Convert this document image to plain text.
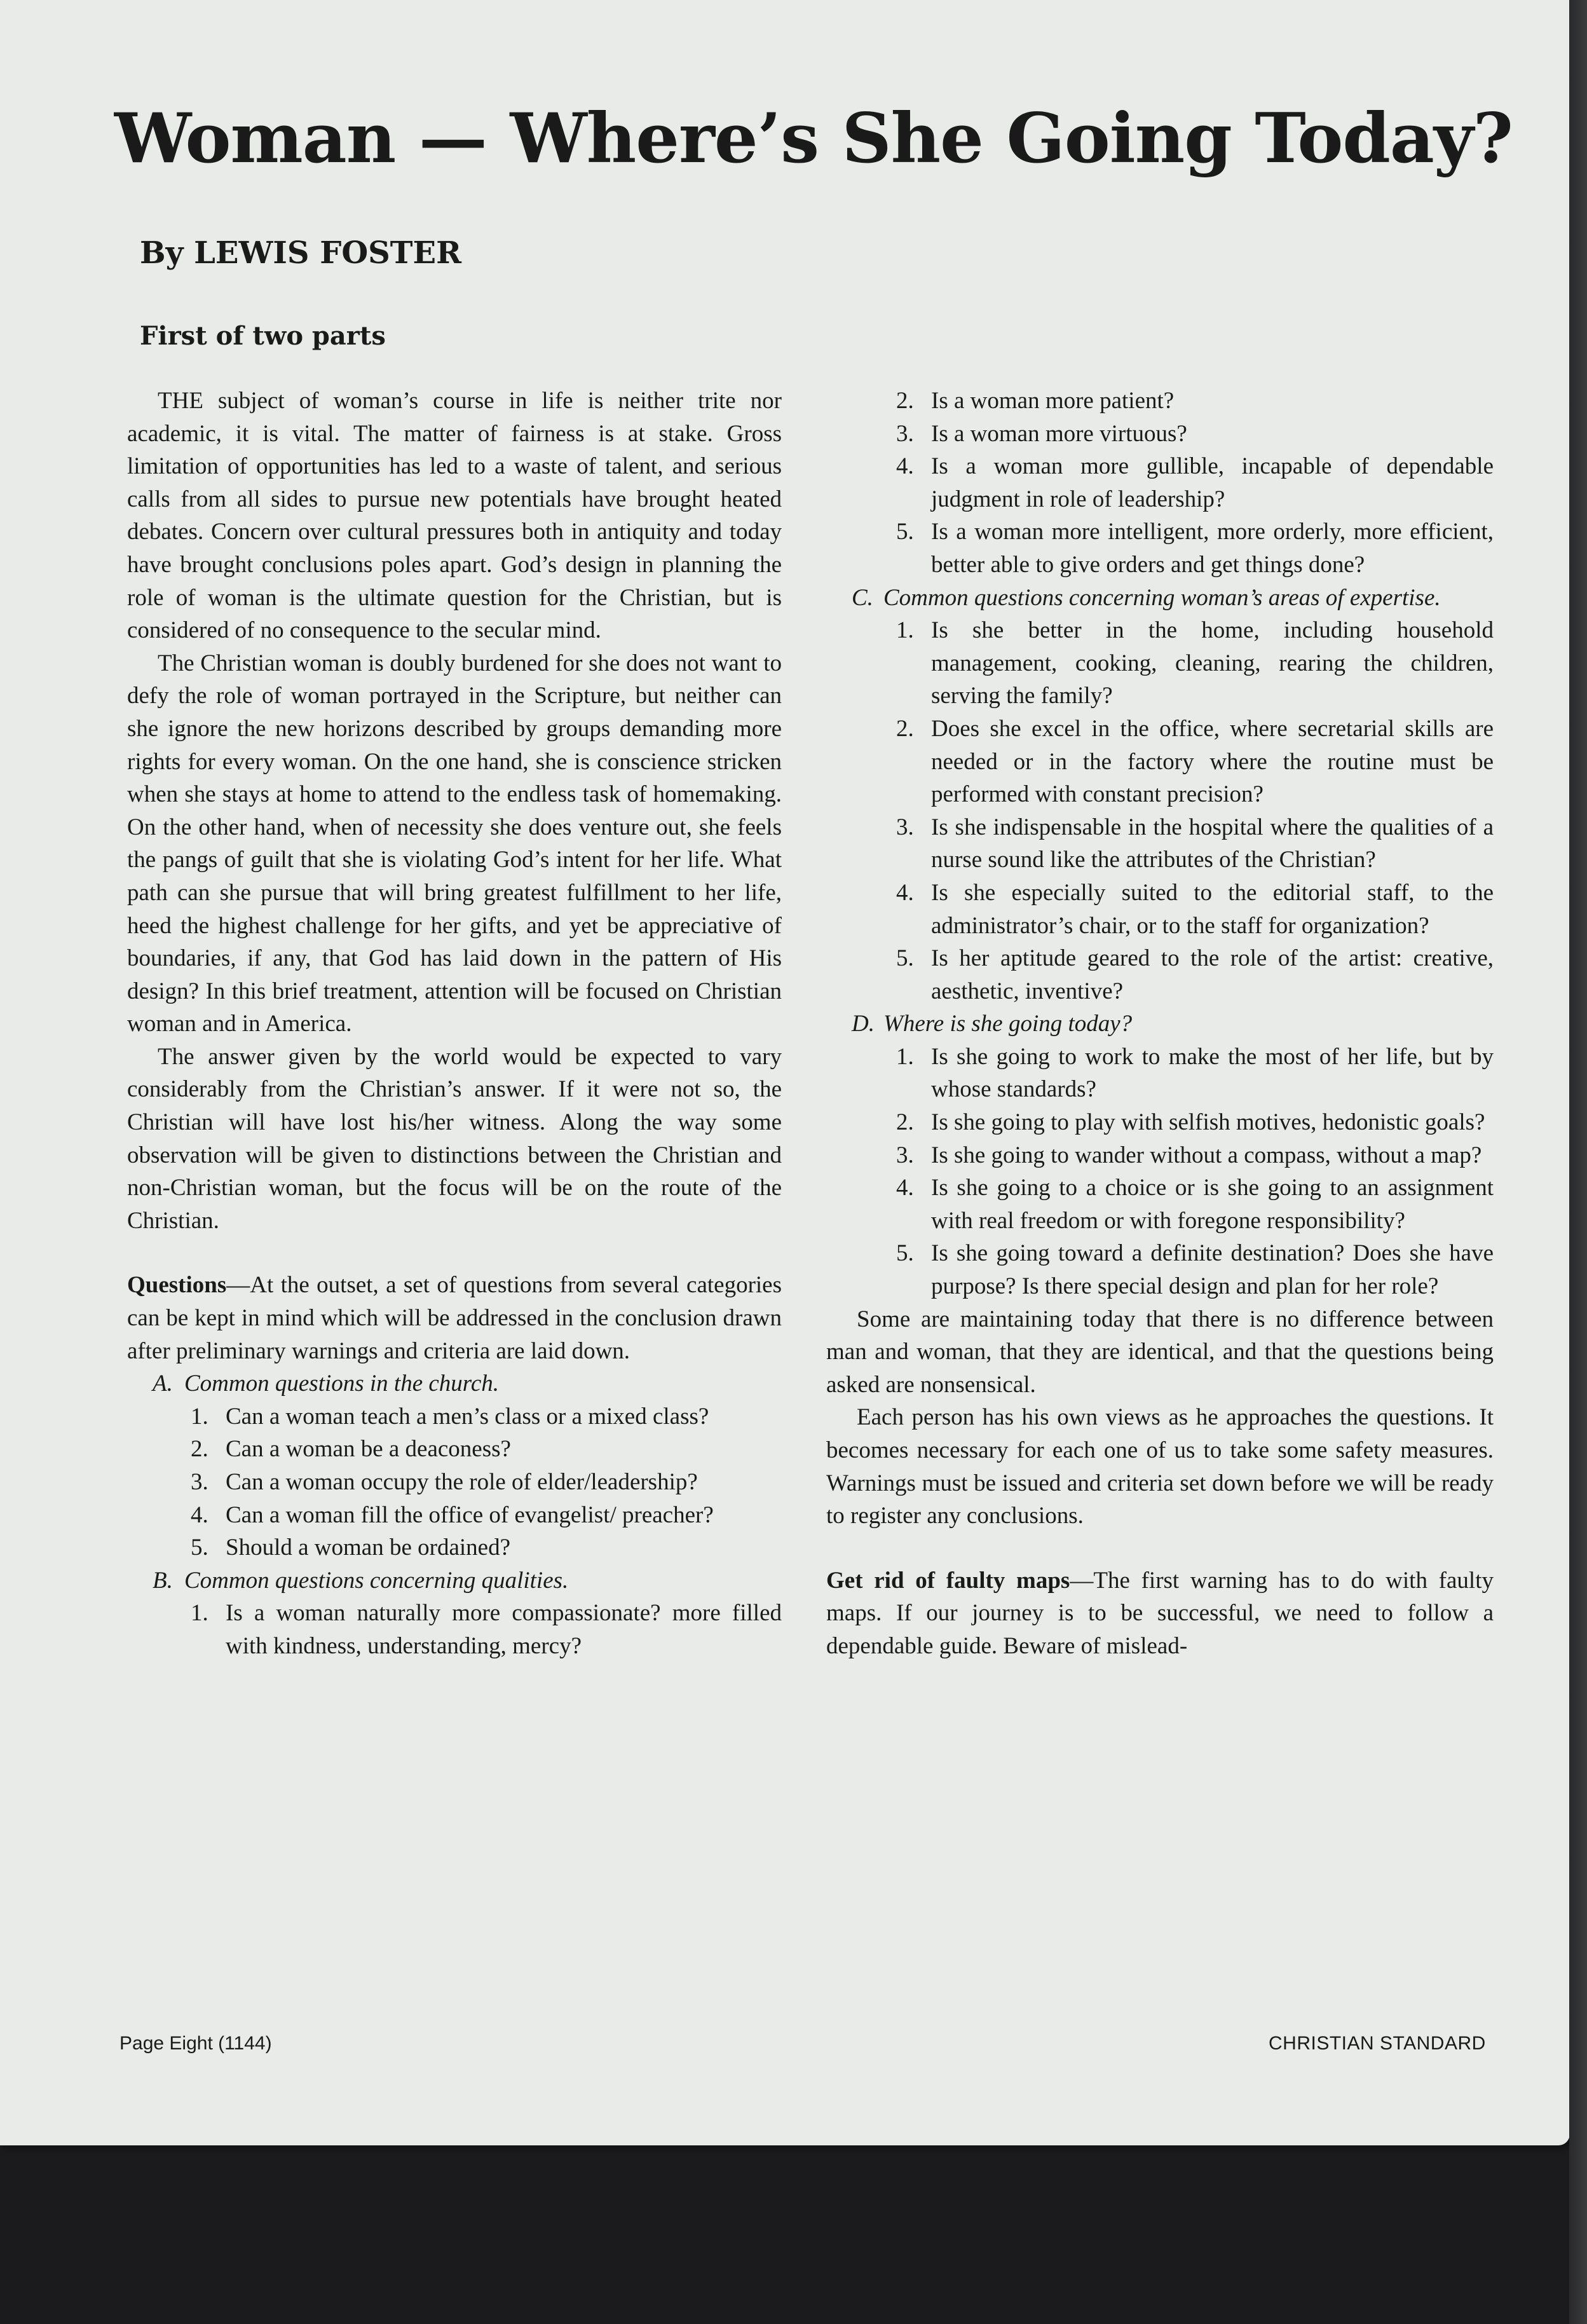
Woman — Where’s She Going Today?
By LEWIS FOSTER
First of two parts

THE subject of woman’s course in life is neither trite nor academic, it is vital. The matter of fairness is at stake. Gross limitation of opportunities has led to a waste of talent, and serious calls from all sides to pursue new potentials have brought heated debates. Concern over cultural pressures both in antiquity and today have brought conclusions poles apart. God’s design in planning the role of woman is the ultimate question for the Christian, but is considered of no consequence to the secular mind.

The Christian woman is doubly burdened for she does not want to defy the role of woman portrayed in the Scripture, but neither can she ignore the new horizons described by groups demanding more rights for every woman. On the one hand, she is conscience stricken when she stays at home to attend to the endless task of homemaking. On the other hand, when of necessity she does venture out, she feels the pangs of guilt that she is violating God’s intent for her life. What path can she pursue that will bring greatest fulfillment to her life, heed the highest challenge for her gifts, and yet be appreciative of boundaries, if any, that God has laid down in the pattern of His design? In this brief treatment, attention will be focused on Christian woman and in America.

The answer given by the world would be expected to vary considerably from the Christian’s answer. If it were not so, the Christian will have lost his/her witness. Along the way some observation will be given to distinctions between the Christian and non-Christian woman, but the focus will be on the route of the Christian.

Questions—At the outset, a set of questions from several categories can be kept in mind which will be addressed in the conclusion drawn after preliminary warnings and criteria are laid down.

A. Common questions in the church.
1. Can a woman teach a men’s class or a mixed class?
2. Can a woman be a deaconess?
3. Can a woman occupy the role of elder/leadership?
4. Can a woman fill the office of evangelist/ preacher?
5. Should a woman be ordained?
B. Common questions concerning qualities.
1. Is a woman naturally more compassionate? more filled with kindness, understanding, mercy?
2. Is a woman more patient?
3. Is a woman more virtuous?
4. Is a woman more gullible, incapable of dependable judgment in role of leadership?
5. Is a woman more intelligent, more orderly, more efficient, better able to give orders and get things done?
C. Common questions concerning woman’s areas of expertise.
1. Is she better in the home, including household management, cooking, cleaning, rearing the children, serving the family?
2. Does she excel in the office, where secretarial skills are needed or in the factory where the routine must be performed with constant precision?
3. Is she indispensable in the hospital where the qualities of a nurse sound like the attributes of the Christian?
4. Is she especially suited to the editorial staff, to the administrator’s chair, or to the staff for organization?
5. Is her aptitude geared to the role of the artist: creative, aesthetic, inventive?
D. Where is she going today?
1. Is she going to work to make the most of her life, but by whose standards?
2. Is she going to play with selfish motives, hedonistic goals?
3. Is she going to wander without a compass, without a map?
4. Is she going to a choice or is she going to an assignment with real freedom or with foregone responsibility?
5. Is she going toward a definite destination? Does she have purpose? Is there special design and plan for her role?

Some are maintaining today that there is no difference between man and woman, that they are identical, and that the questions being asked are nonsensical.

Each person has his own views as he approaches the questions. It becomes necessary for each one of us to take some safety measures. Warnings must be issued and criteria set down before we will be ready to register any conclusions.

Get rid of faulty maps—The first warning has to do with faulty maps. If our journey is to be successful, we need to follow a dependable guide. Beware of mislead-

Page Eight (1144)	CHRISTIAN STANDARD
